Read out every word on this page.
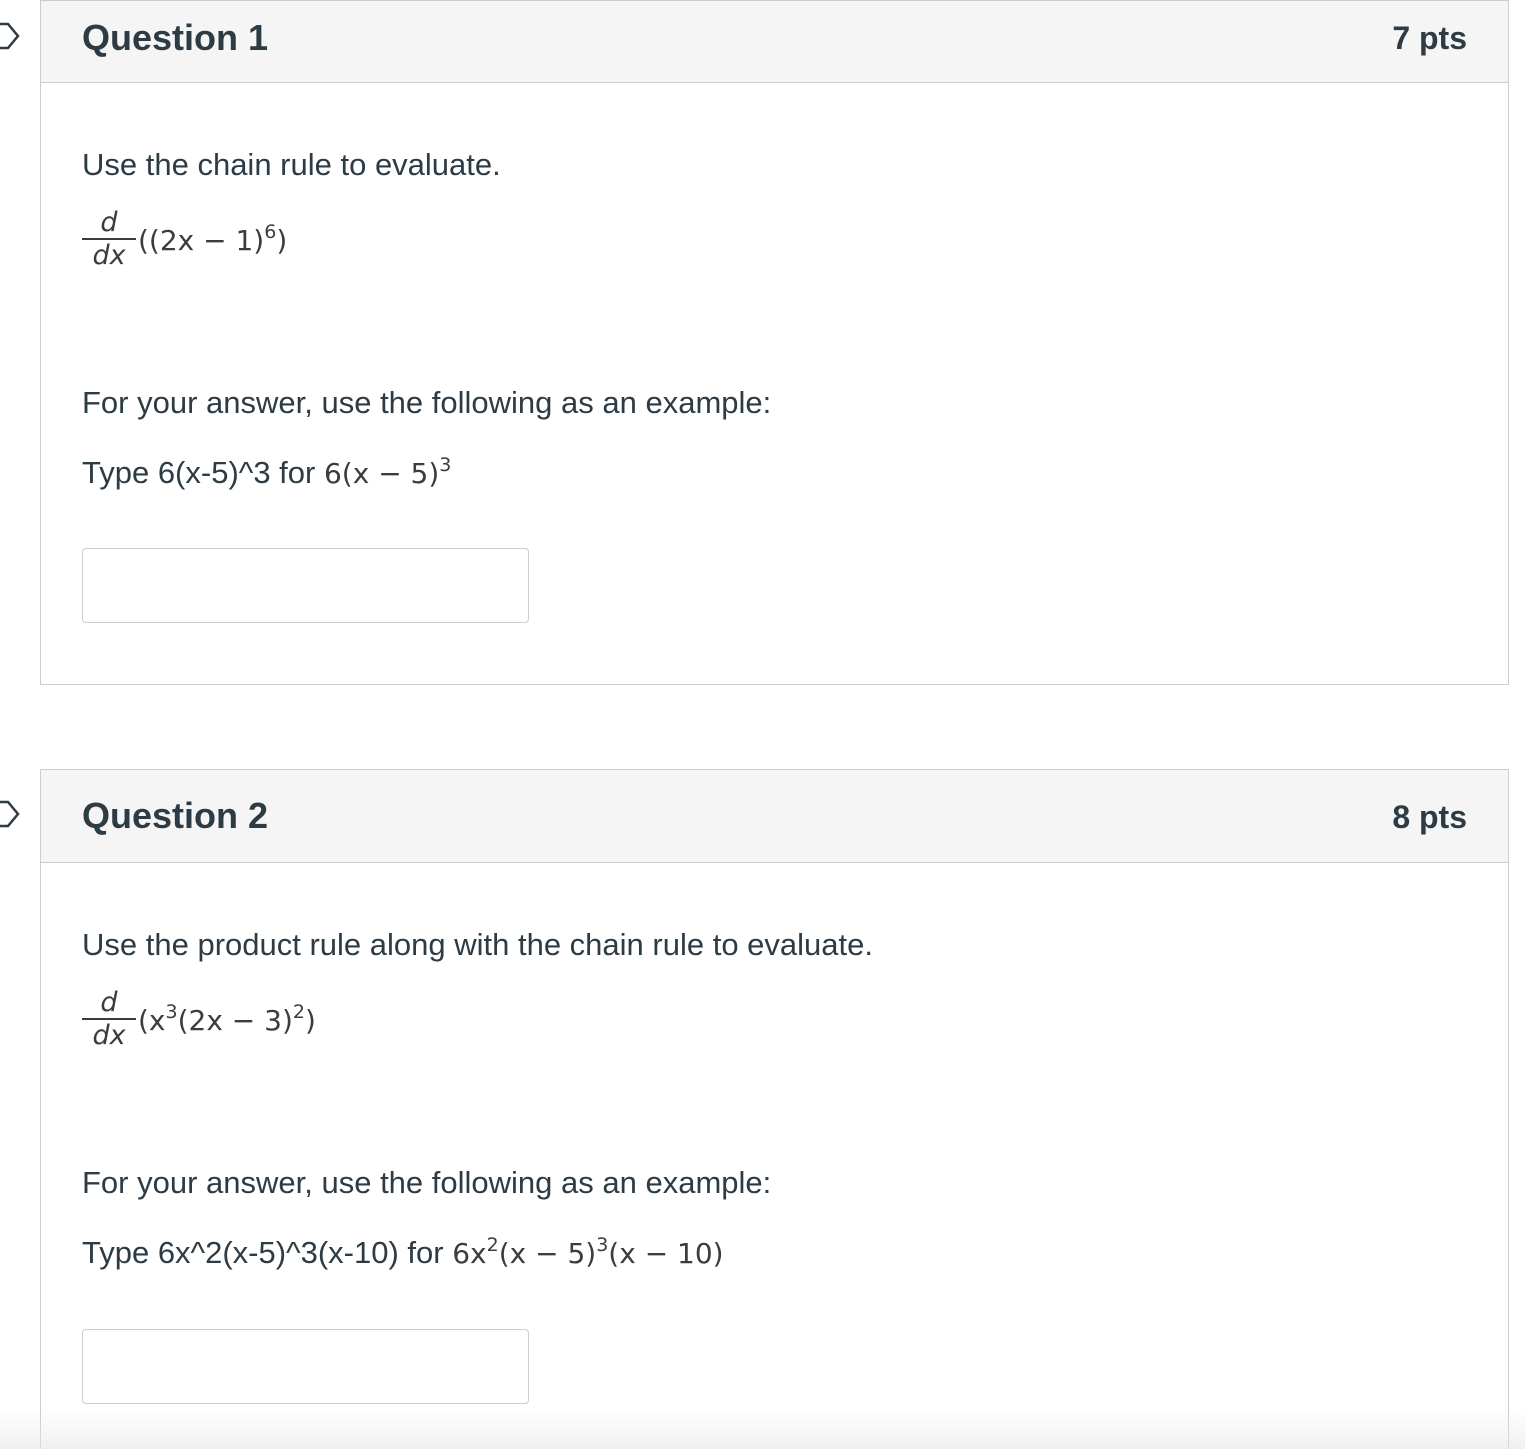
Question 1	7 pts
Use the chain rule to evaluate.
$\frac{d}{dx} ((2x - 1)^6)$
For your answer, use the following as an example:
Type 6(x-5)^3 for $6(x - 5)^3$
Question 2	8 pts
Use the product rule along with the chain rule to evaluate.
$\frac{d}{dx} (x^3(2x - 3)^2)$
For your answer, use the following as an example:
Type 6x^2(x-5)^3(x-10) for $6x^2(x - 5)^3(x - 10)$
